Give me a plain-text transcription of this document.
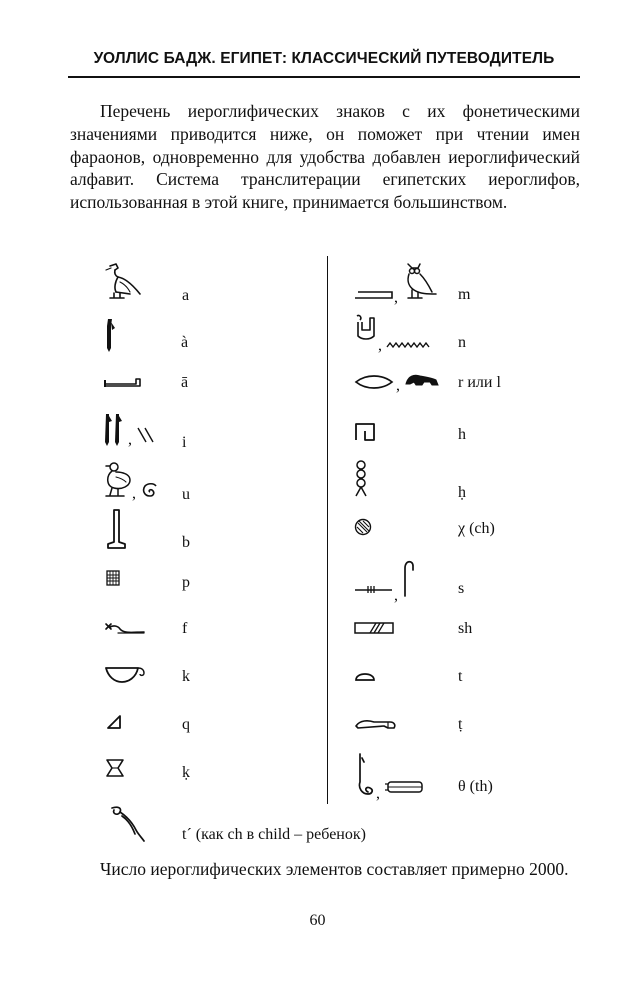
УОЛЛИС БАДЖ. ЕГИПЕТ: КЛАССИЧЕСКИЙ ПУТЕВОДИТЕЛЬ
Перечень иероглифических знаков с их фонетическими значениями приводится ниже, он поможет при чтении имен фараонов, одновременно для удобства добавлен иероглифический алфавит. Система транслитерации египетских иероглифов, использованная в этой книге, принимается большинством.
a
à
ā
,	i
,	u
b
p
f
k
q
ḳ
t´ (как ch в child – ребенок)
,	m
,	n
,	r или l
h
ḥ
χ (ch)
,	s
sh
t
ṭ
,	θ (th)
Число иероглифических элементов составляет примерно 2000.
60
